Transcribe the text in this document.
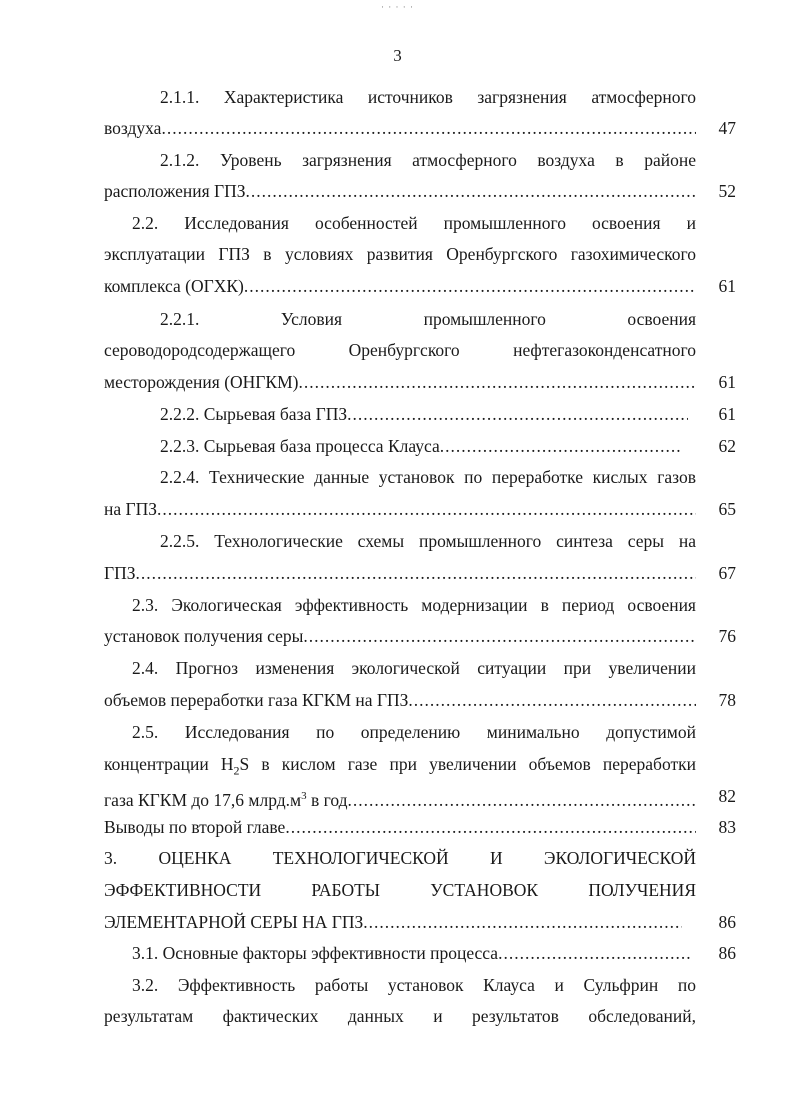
· · · · ·
3
2.1.1. Характеристика источников загрязнения атмосферного
воздуха .....	47
2.1.2. Уровень загрязнения атмосферного воздуха в районе
расположения ГПЗ .....	52
2.2. Исследования особенностей промышленного освоения и
эксплуатации ГПЗ в условиях развития Оренбургского газохимического
комплекса (ОГХК) .....	61
2.2.1. Условия промышленного освоения
сероводородсодержащего Оренбургского нефтегазоконденсатного
месторождения (ОНГКМ) .....	61
2.2.2. Сырьевая база ГПЗ .....	61
2.2.3. Сырьевая база процесса Клауса .....	62
2.2.4. Технические данные установок по переработке кислых газов
на ГПЗ .....	65
2.2.5. Технологические схемы промышленного синтеза серы на
ГПЗ .....	67
2.3. Экологическая эффективность модернизации в период освоения
установок получения серы .....	76
2.4. Прогноз изменения экологической ситуации при увеличении
объемов переработки газа КГКМ на ГПЗ .....	78
2.5. Исследования по определению минимально допустимой
концентрации $H_2S$ в кислом газе при увеличении объемов переработки
газа КГКМ до 17,6 $млрд.м^3$ в год .....	82
Выводы по второй главе .....	83
3. ОЦЕНКА ТЕХНОЛОГИЧЕСКОЙ И ЭКОЛОГИЧЕСКОЙ
ЭФФЕКТИВНОСТИ РАБОТЫ УСТАНОВОК ПОЛУЧЕНИЯ
ЭЛЕМЕНТАРНОЙ СЕРЫ НА ГПЗ .....	86
3.1. Основные факторы эффективности процесса .....	86
3.2. Эффективность работы установок Клауса и Сульфрин по
результатам фактических данных и результатов обследований,
